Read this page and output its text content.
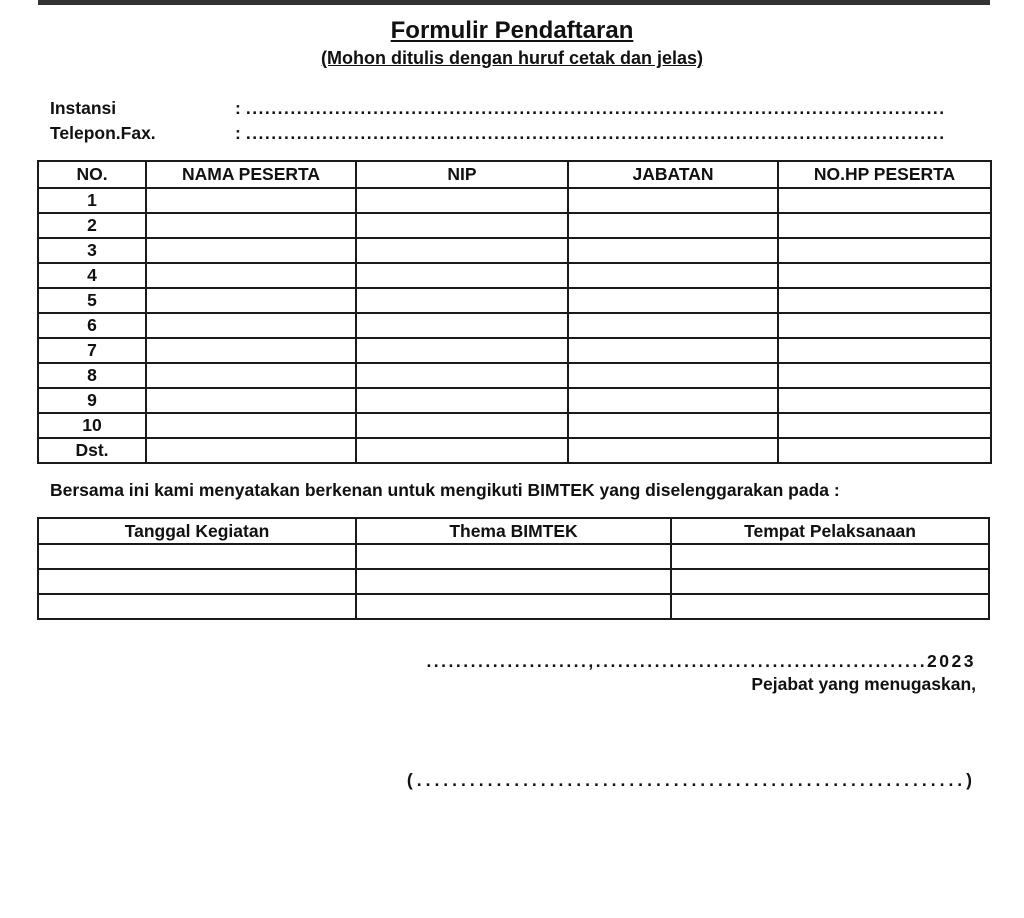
Formulir Pendaftaran
(Mohon ditulis dengan huruf cetak dan jelas)
Instansi	: ..............................................................................................................
Telepon.Fax.	: ..............................................................................................................
NO.	NAMA PESERTA	NIP	JABATAN	NO.HP PESERTA
1				
2				
3				
4				
5				
6				
7				
8				
9				
10				
Dst.				

Bersama ini kami menyatakan berkenan untuk mengikuti BIMTEK yang diselenggarakan pada :

Tanggal Kegiatan	Thema BIMTEK	Tempat Pelaksanaan

......................,.............................................2023
Pejabat yang menugaskan,
(..............................................................)
